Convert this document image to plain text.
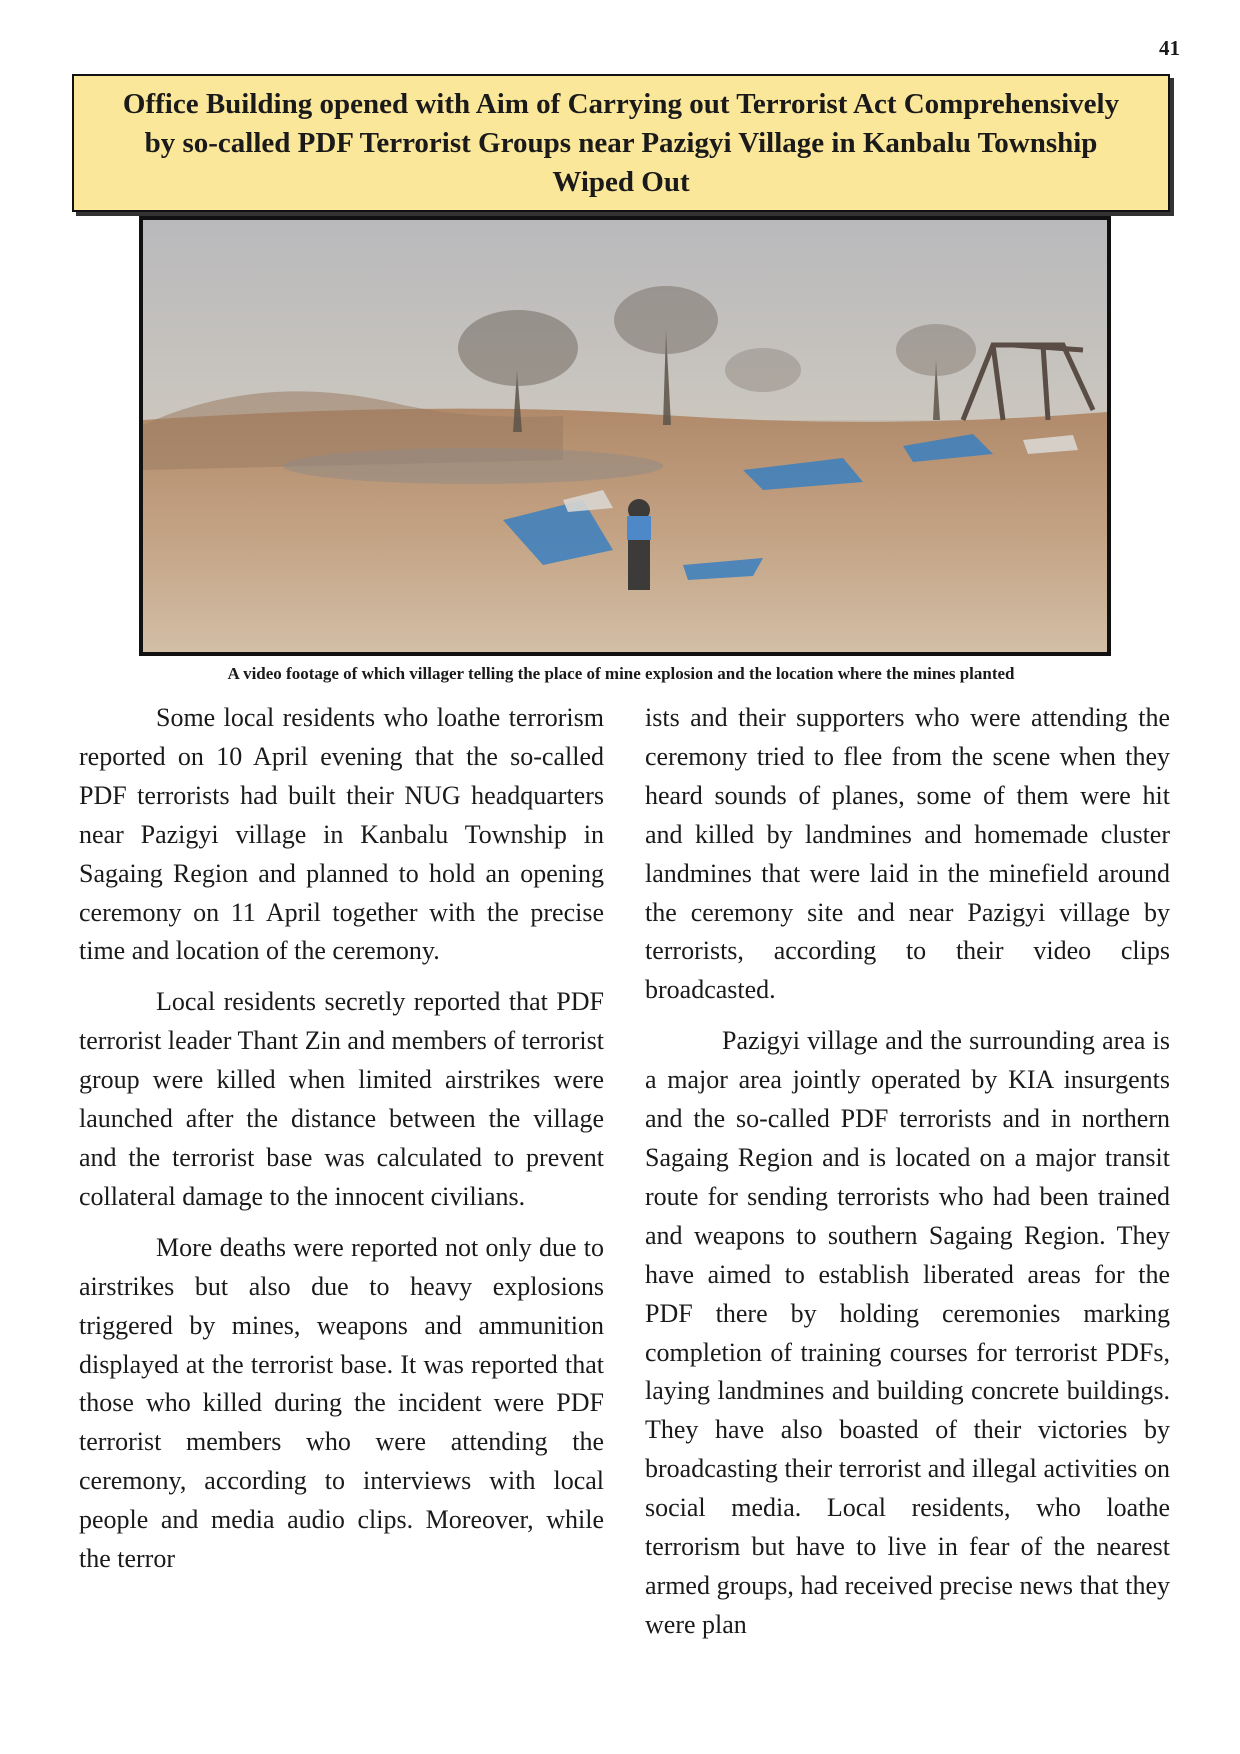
41
Office Building opened with Aim of Carrying out Terrorist Act Comprehensively
by so-called PDF Terrorist Groups near Pazigyi Village in Kanbalu Township
Wiped Out
A video footage of which villager telling the place of mine explosion and the location where the mines planted

Some local residents who loathe terrorism reported on 10 April evening that the so-called PDF terrorists had built their NUG headquarters near Pazigyi village in Kanbalu Township in Sagaing Region and planned to hold an opening ceremony on 11 April together with the precise time and location of the ceremony.

Local residents secretly reported that PDF terrorist leader Thant Zin and members of terrorist group were killed when limited airstrikes were launched after the distance between the village and the terrorist base was calculated to prevent collateral damage to the innocent civilians.

More deaths were reported not only due to airstrikes but also due to heavy explosions triggered by mines, weapons and ammunition displayed at the terrorist base. It was reported that those who killed during the incident were PDF terrorist members who were attending the ceremony, according to interviews with local people and media audio clips. Moreover, while the terror

ists and their supporters who were attending the ceremony tried to flee from the scene when they heard sounds of planes, some of them were hit and killed by landmines and homemade cluster landmines that were laid in the minefield around the ceremony site and near Pazigyi village by terrorists, according to their video clips broadcasted.

Pazigyi village and the surrounding area is a major area jointly operated by KIA insurgents and the so-called PDF terrorists and in northern Sagaing Region and is located on a major transit route for sending terrorists who had been trained and weapons to southern Sagaing Region. They have aimed to establish liberated areas for the PDF there by holding ceremonies marking completion of training courses for terrorist PDFs, laying landmines and building concrete buildings. They have also boasted of their victories by broadcasting their terrorist and illegal activities on social media. Local residents, who loathe terrorism but have to live in fear of the nearest armed groups, had received precise news that they were plan
